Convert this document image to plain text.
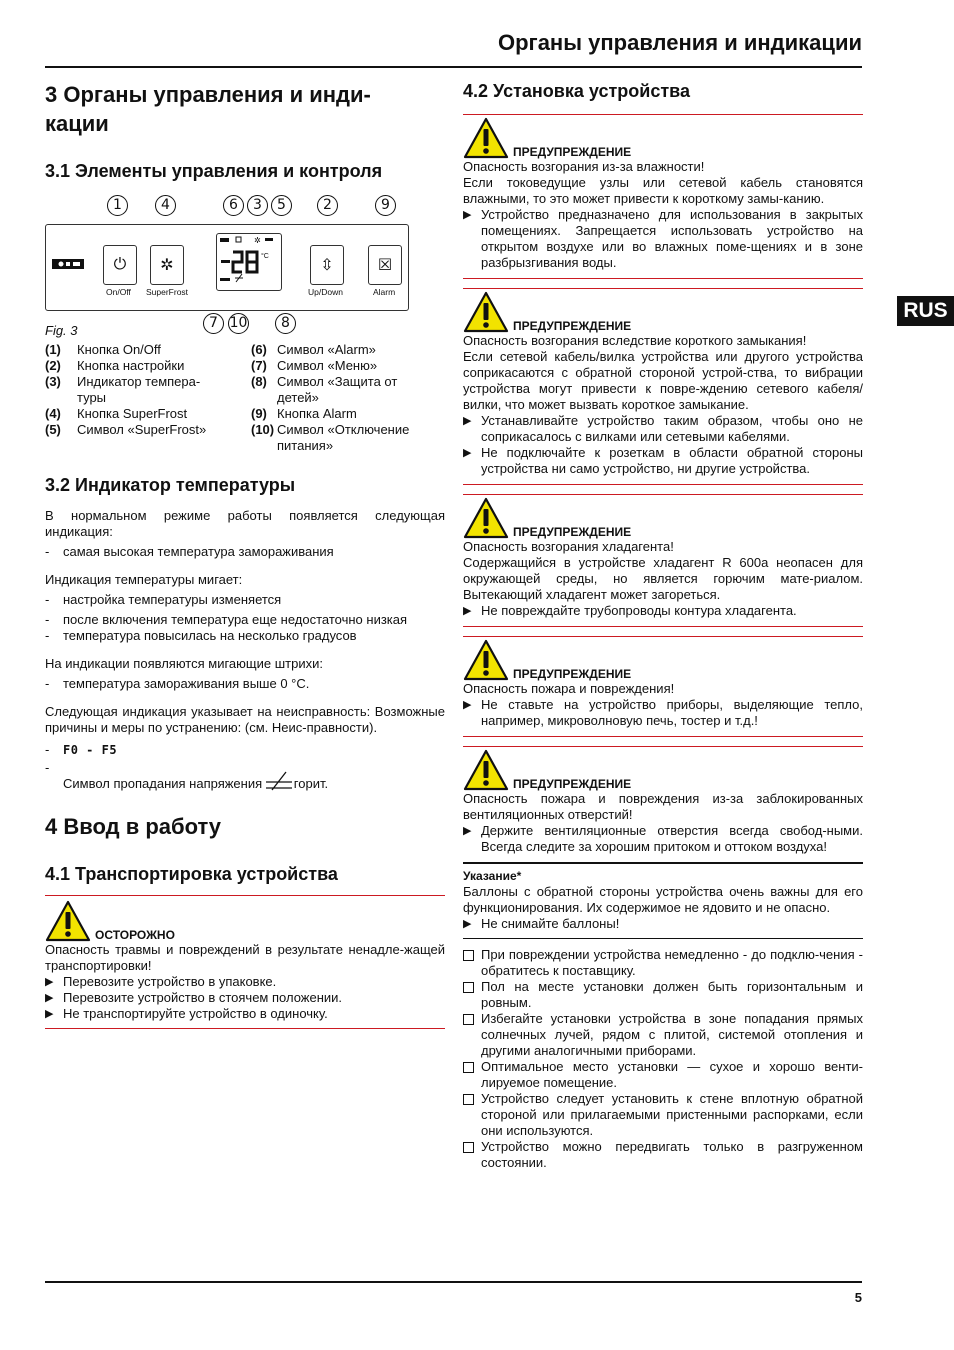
Органы управления и индикации
RUS
3 Органы управления и инди-кации
3.1 Элементы управления и контроля
1	4	6	3	5	2	9
⏻
On/Off
✲
SuperFrost
✲
°C
⇳
Up/Down
☒
Alarm
7 10	8
Fig. 3
(1)	Кнопка On/Off
(2)	Кнопка настройки
(3)	Индикатор темпера-туры
(4)	Кнопка SuperFrost
(5)	Символ «SuperFrost»
(6) Символ «Alarm»
(7) Символ «Меню»
(8) Символ «Защита от детей»
(9) Кнопка Alarm
(10) Символ «Отключение питания»
3.2 Индикатор температуры

В нормальном режиме работы появляется следующая индикация:

-	самая высокая температура замораживания

Индикация температуры мигает:

-	настройка температуры изменяется
-	после включения температура еще недостаточно низкая
-	температура повысилась на несколько градусов

На индикации появляются мигающие штрихи:

-	температура замораживания выше 0 °C.

Следующая индикация указывает на неисправность: Возможные причины и меры по устранению: (см. Неис-правности).

-	F0 - F5
-
Символ пропадания напряжения горит.
4 Ввод в работу
4.1 Транспортировка устройства
ОСТОРОЖНО

Опасность травмы и повреждений в результате ненадле-жащей транспортировки!

▶ Перевозите устройство в упаковке.
▶ Перевозите устройство в стоячем положении.
▶ Не транспортируйте устройство в одиночку.
4.2 Установка устройства
ПРЕДУПРЕЖДЕНИЕ

Опасность возгорания из-за влажности!

Если токоведущие узлы или сетевой кабель становятся влажными, то это может привести к короткому замы-канию.

▶ Устройство предназначено для использования в закрытых помещениях. Запрещается использовать устройство на открытом воздухе или во влажных поме-щениях и в зоне разбрызгивания воды.
ПРЕДУПРЕЖДЕНИЕ

Опасность возгорания вследствие короткого замыкания!

Если сетевой кабель/вилка устройства или другого устройства соприкасаются с обратной стороной устрой-ства, то вибрации устройства могут привести к повре-ждению сетевого кабеля/вилки, что может вызвать короткое замыкание.

▶ Устанавливайте устройство таким образом, чтобы оно не соприкасалось с вилками или сетевыми кабелями.
▶ Не подключайте к розеткам в области обратной стороны устройства ни само устройство, ни другие устройства.
ПРЕДУПРЕЖДЕНИЕ

Опасность возгорания хладагента!

Содержащийся в устройстве хладагент R 600a неопасен для окружающей среды, но является горючим мате-риалом. Вытекающий хладагент может загореться.

▶ Не повреждайте трубопроводы контура хладагента.
ПРЕДУПРЕЖДЕНИЕ

Опасность пожара и повреждения!

▶ Не ставьте на устройство приборы, выделяющие тепло, например, микроволновую печь, тостер и т.д.!
ПРЕДУПРЕЖДЕНИЕ

Опасность пожара и повреждения из-за заблокированных вентиляционных отверстий!

▶ Держите вентиляционные отверстия всегда свобод-ными. Всегда следите за хорошим притоком и оттоком воздуха!

Указание*

Баллоны с обратной стороны устройства очень важны для его функционирования. Их содержимое не ядовито и не опасно.

▶ Не снимайте баллоны!
При повреждении устройства немедленно - до подклю-чения - обратитесь к поставщику.
Пол на месте установки должен быть горизонтальным и ровным.
Избегайте установки устройства в зоне попадания прямых солнечных лучей, рядом с плитой, системой отопления и другими аналогичными приборами.
Оптимальное место установки — сухое и хорошо венти-лируемое помещение.
Устройство следует установить к стене вплотную обратной стороной или прилагаемыми пристенными распорками, если они используются.
Устройство можно передвигать только в разгруженном состоянии.
5
